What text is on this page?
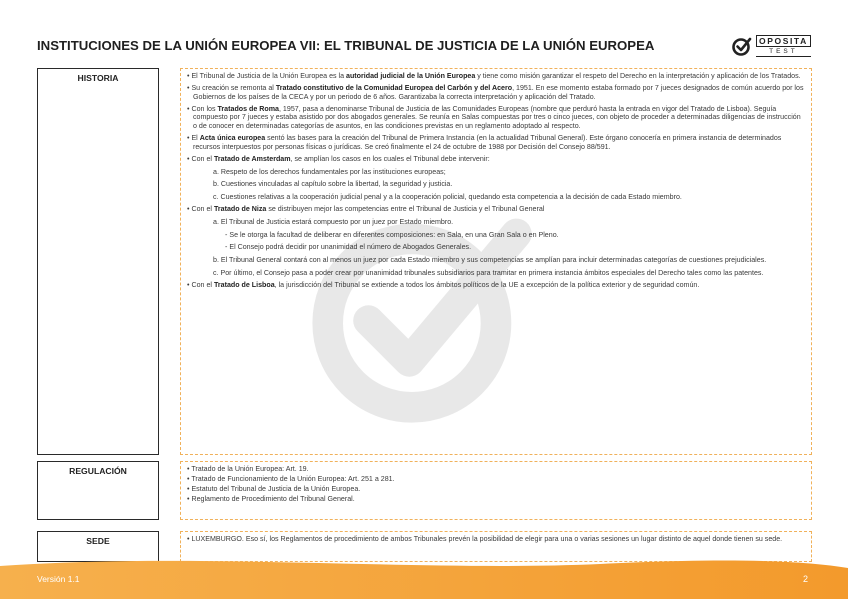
INSTITUCIONES DE LA UNIÓN EUROPEA VII: EL TRIBUNAL DE JUSTICIA DE LA UNIÓN EUROPEA	OPOSITA
TEST
HISTORIA	• El Tribunal de Justicia de la Unión Europea es la autoridad judicial de la Unión Europea y tiene como misión garantizar el respeto del Derecho en la interpretación y aplicación de los Tratados.

• Su creación se remonta al Tratado constitutivo de la Comunidad Europea del Carbón y del Acero, 1951. En ese momento estaba formado por 7 jueces designados de común acuerdo por los Gobiernos de los países de la CECA y por un periodo de 6 años. Garantizaba la correcta interpretación y aplicación del Tratado.

• Con los Tratados de Roma, 1957, pasa a denominarse Tribunal de Justicia de las Comunidades Europeas (nombre que perduró hasta la entrada en vigor del Tratado de Lisboa). Seguía compuesto por 7 jueces y estaba asistido por dos abogados generales. Se reunía en Salas compuestas por tres o cinco jueces, con objeto de proceder a determinadas diligencias de instrucción o de conocer en determinadas categorías de asuntos, en las condiciones previstas en un reglamento adoptado al respecto.

• El Acta única europea sentó las bases para la creación del Tribunal de Primera Instancia (en la actualidad Tribunal General). Este órgano conocería en primera instancia de determinados recursos interpuestos por personas físicas o jurídicas. Se creó finalmente el 24 de octubre de 1988 por Decisión del Consejo 88/591.

• Con el Tratado de Amsterdam, se amplían los casos en los cuales el Tribunal debe intervenir:

a. Respeto de los derechos fundamentales por las instituciones europeas;

b. Cuestiones vinculadas al capítulo sobre la libertad, la seguridad y justicia.

c. Cuestiones relativas a la cooperación judicial penal y a la cooperación policial, quedando esta competencia a la decisión de cada Estado miembro.

• Con el Tratado de Niza se distribuyen mejor las competencias entre el Tribunal de Justicia y el Tribunal General

a. El Tribunal de Justicia estará compuesto por un juez por Estado miembro.

- Se le otorga la facultad de deliberar en diferentes composiciones: en Sala, en una Gran Sala o en Pleno.

- El Consejo podrá decidir por unanimidad el número de Abogados Generales.

b. El Tribunal General contará con al menos un juez por cada Estado miembro y sus competencias se amplían para incluir determinadas categorías de cuestiones prejudiciales.

c. Por último, el Consejo pasa a poder crear por unanimidad tribunales subsidiarios para tramitar en primera instancia ámbitos especiales del Derecho tales como las patentes.

• Con el Tratado de Lisboa, la jurisdicción del Tribunal se extiende a todos los ámbitos políticos de la UE a excepción de la política exterior y de seguridad común.

REGULACIÓN	• Tratado de la Unión Europea: Art. 19.

• Tratado de Funcionamiento de la Unión Europea: Art. 251 a 281.

• Estatuto del Tribunal de Justicia de la Unión Europea.

• Reglamento de Procedimiento del Tribunal General.

SEDE	• LUXEMBURGO. Eso sí, los Reglamentos de procedimiento de ambos Tribunales prevén la posibilidad de elegir para una o varias sesiones un lugar distinto de aquel donde tienen su sede.

Versión 1.1	2
